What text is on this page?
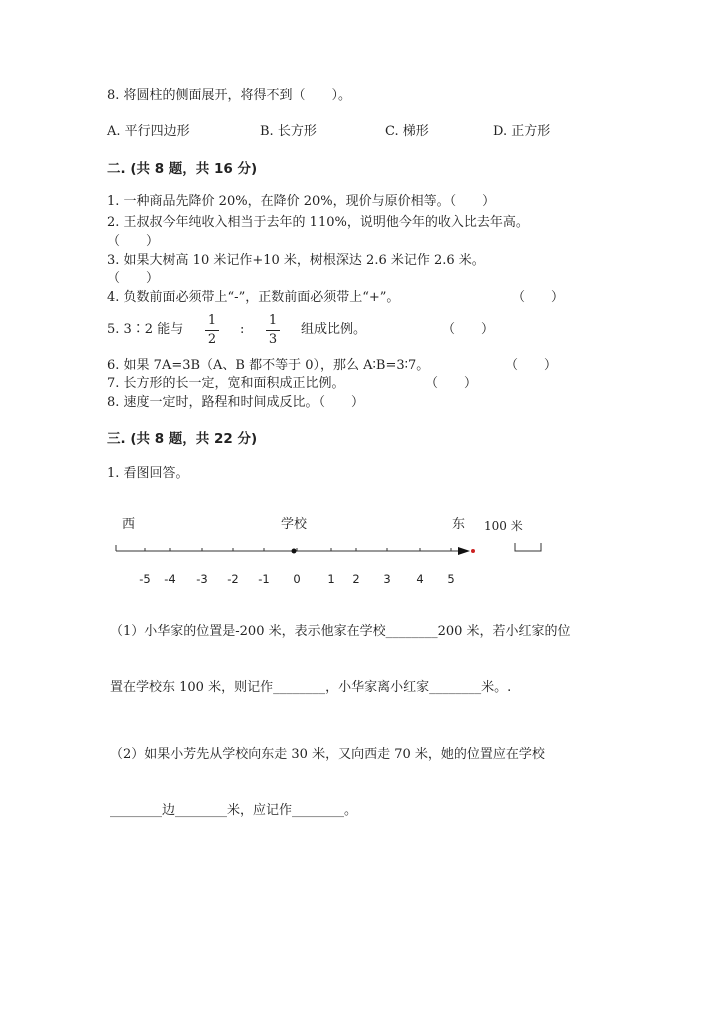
8. 将圆柱的侧面展开，将得不到（　　）。
A. 平行四边形	B. 长方形	C. 梯形	D. 正方形
二. (共 8 题，共 16 分)
1. 一种商品先降价 20%，在降价 20%，现价与原价相等。（　　）
2. 王叔叔今年纯收入相当于去年的 110%，说明他今年的收入比去年高。
（　　）
3. 如果大树高 10 米记作+10 米，树根深达 2.6 米记作 2.6 米。
（　　）
4. 负数前面必须带上“-”，正数前面必须带上“+”。	（　　）
5. 3∶2 能与
1
2
:
1
3
组成比例。	（　　）
6. 如果 7A=3B（A、B 都不等于 0），那么 A∶B=3∶7。	（　　）
7. 长方形的长一定，宽和面积成正比例。	（　　）
8. 速度一定时，路程和时间成反比。（　　）
三. (共 8 题，共 22 分)
1. 看图回答。
西	学校	东 100 米
-5	-4	-3	-2	-1	0	1	2	3	4	5
（1）小华家的位置是-200 米，表示他家在学校________200 米，若小红家的位
置在学校东 100 米，则记作________，小华家离小红家________米。.
（2）如果小芳先从学校向东走 30 米，又向西走 70 米，她的位置应在学校
________边________米，应记作________。
